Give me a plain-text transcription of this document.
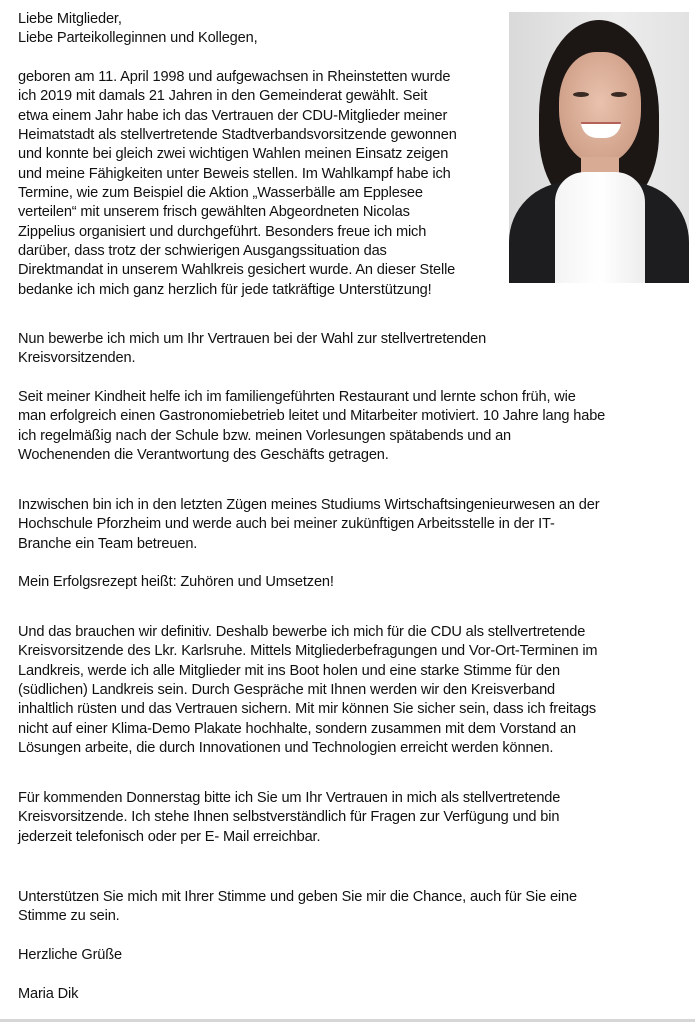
Liebe Mitglieder,
Liebe Parteikolleginnen und Kollegen,
geboren am 11. April 1998 und aufgewachsen in Rheinstetten wurde
ich 2019 mit damals 21 Jahren in den Gemeinderat gewählt. Seit
etwa einem Jahr habe ich das Vertrauen der CDU-Mitglieder meiner
Heimatstadt als stellvertretende Stadtverbandsvorsitzende gewonnen
und konnte bei gleich zwei wichtigen Wahlen meinen Einsatz zeigen
und meine Fähigkeiten unter Beweis stellen. Im Wahlkampf habe ich
Termine, wie zum Beispiel die Aktion „Wasserbälle am Epplesee
verteilen“ mit unserem frisch gewählten Abgeordneten Nicolas
Zippelius organisiert und durchgeführt. Besonders freue ich mich
darüber, dass trotz der schwierigen Ausgangssituation das
Direktmandat in unserem Wahlkreis gesichert wurde. An dieser Stelle
bedanke ich mich ganz herzlich für jede tatkräftige Unterstützung!
Nun bewerbe ich mich um Ihr Vertrauen bei der Wahl zur stellvertretenden
Kreisvorsitzenden.
Seit meiner Kindheit helfe ich im familiengeführten Restaurant und lernte schon früh, wie
man erfolgreich einen Gastronomiebetrieb leitet und Mitarbeiter motiviert. 10 Jahre lang habe
ich regelmäßig nach der Schule bzw. meinen Vorlesungen spätabends und an
Wochenenden die Verantwortung des Geschäfts getragen.
Inzwischen bin ich in den letzten Zügen meines Studiums Wirtschaftsingenieurwesen an der
Hochschule Pforzheim und werde auch bei meiner zukünftigen Arbeitsstelle in der IT-
Branche ein Team betreuen.
Mein Erfolgsrezept heißt: Zuhören und Umsetzen!
Und das brauchen wir definitiv. Deshalb bewerbe ich mich für die CDU als stellvertretende
Kreisvorsitzende des Lkr. Karlsruhe. Mittels Mitgliederbefragungen und Vor-Ort-Terminen im
Landkreis, werde ich alle Mitglieder mit ins Boot holen und eine starke Stimme für den
(südlichen) Landkreis sein. Durch Gespräche mit Ihnen werden wir den Kreisverband
inhaltlich rüsten und das Vertrauen sichern. Mit mir können Sie sicher sein, dass ich freitags
nicht auf einer Klima-Demo Plakate hochhalte, sondern zusammen mit dem Vorstand an
Lösungen arbeite, die durch Innovationen und Technologien erreicht werden können.
Für kommenden Donnerstag bitte ich Sie um Ihr Vertrauen in mich als stellvertretende
Kreisvorsitzende. Ich stehe Ihnen selbstverständlich für Fragen zur Verfügung und bin
jederzeit telefonisch oder per E- Mail erreichbar.
Unterstützen Sie mich mit Ihrer Stimme und geben Sie mir die Chance, auch für Sie eine
Stimme zu sein.
Herzliche Grüße
Maria Dik
